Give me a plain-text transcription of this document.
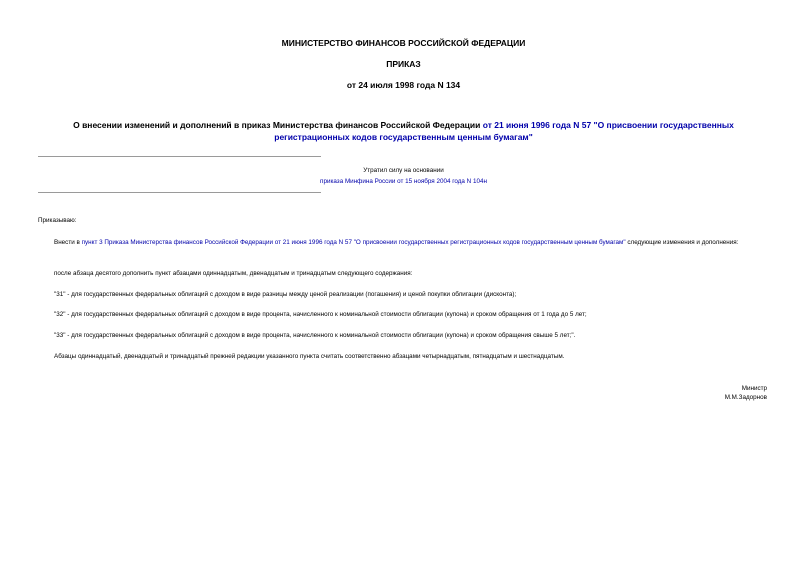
МИНИСТЕРСТВО ФИНАНСОВ РОССИЙСКОЙ ФЕДЕРАЦИИ
ПРИКАЗ
от 24 июля 1998 года N 134
О внесении изменений и дополнений в приказ Министерства финансов Российской Федерации от 21 июня 1996 года N 57 "О присвоении государственных регистрационных кодов государственным ценным бумагам"
Утратил силу на основании
приказа Минфина России от 15 ноября 2004 года N 104н
Приказываю:
Внести в пункт 3 Приказа Министерства финансов Российской Федерации от 21 июня 1996 года N 57 "О присвоении государственных регистрационных кодов государственным ценным бумагам" следующие изменения и дополнения:
после абзаца десятого дополнить пункт абзацами одиннадцатым, двенадцатым и тринадцатым следующего содержания:
"31" - для государственных федеральных облигаций с доходом в виде разницы между ценой реализации (погашения) и ценой покупки облигации (дисконта);
"32" - для государственных федеральных облигаций с доходом в виде процента, начисленного к номинальной стоимости облигации (купона) и сроком обращения от 1 года до 5 лет;
"33" - для государственных федеральных облигаций с доходом в виде процента, начисленного к номинальной стоимости облигации (купона) и сроком обращения свыше 5 лет;".
Абзацы одиннадцатый, двенадцатый и тринадцатый прежней редакции указанного пункта считать соответственно абзацами четырнадцатым, пятнадцатым и шестнадцатым.
Министр
М.М.Задорнов
